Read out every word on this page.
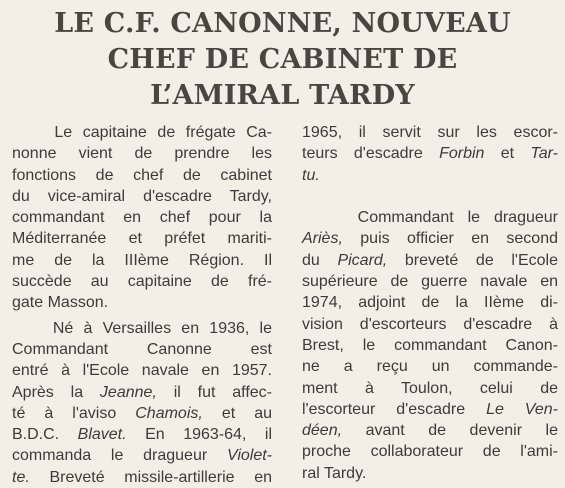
LE C.F. CANONNE, NOUVEAU
CHEF DE CABINET DE
L’AMIRAL TARDY
Le capitaine de frégate Ca-
nonne vient de prendre les
fonctions de chef de cabinet
du vice-amiral d'escadre Tardy,
commandant en chef pour la
Méditerranée et préfet mariti-
me de la IIIème Région. Il
succède au capitaine de fré-
gate Masson.
Né à Versailles en 1936, le
Commandant Canonne est
entré à l'Ecole navale en 1957.
Après la Jeanne, il fut affec-
té à l'aviso Chamois, et au
B.D.C. Blavet. En 1963-64, il
commanda le dragueur Violet-
te. Breveté missile-artillerie en
1965, il servit sur les escor-
teurs d'escadre Forbin et Tar-
tu.
Commandant le dragueur
Ariès, puis officier en second
du Picard, breveté de l'Ecole
supérieure de guerre navale en
1974, adjoint de la IIème di-
vision d'escorteurs d'escadre à
Brest, le commandant Canon-
ne a reçu un commande-
ment à Toulon, celui de
l'escorteur d'escadre Le Ven-
déen, avant de devenir le
proche collaborateur de l'ami-
ral Tardy.
